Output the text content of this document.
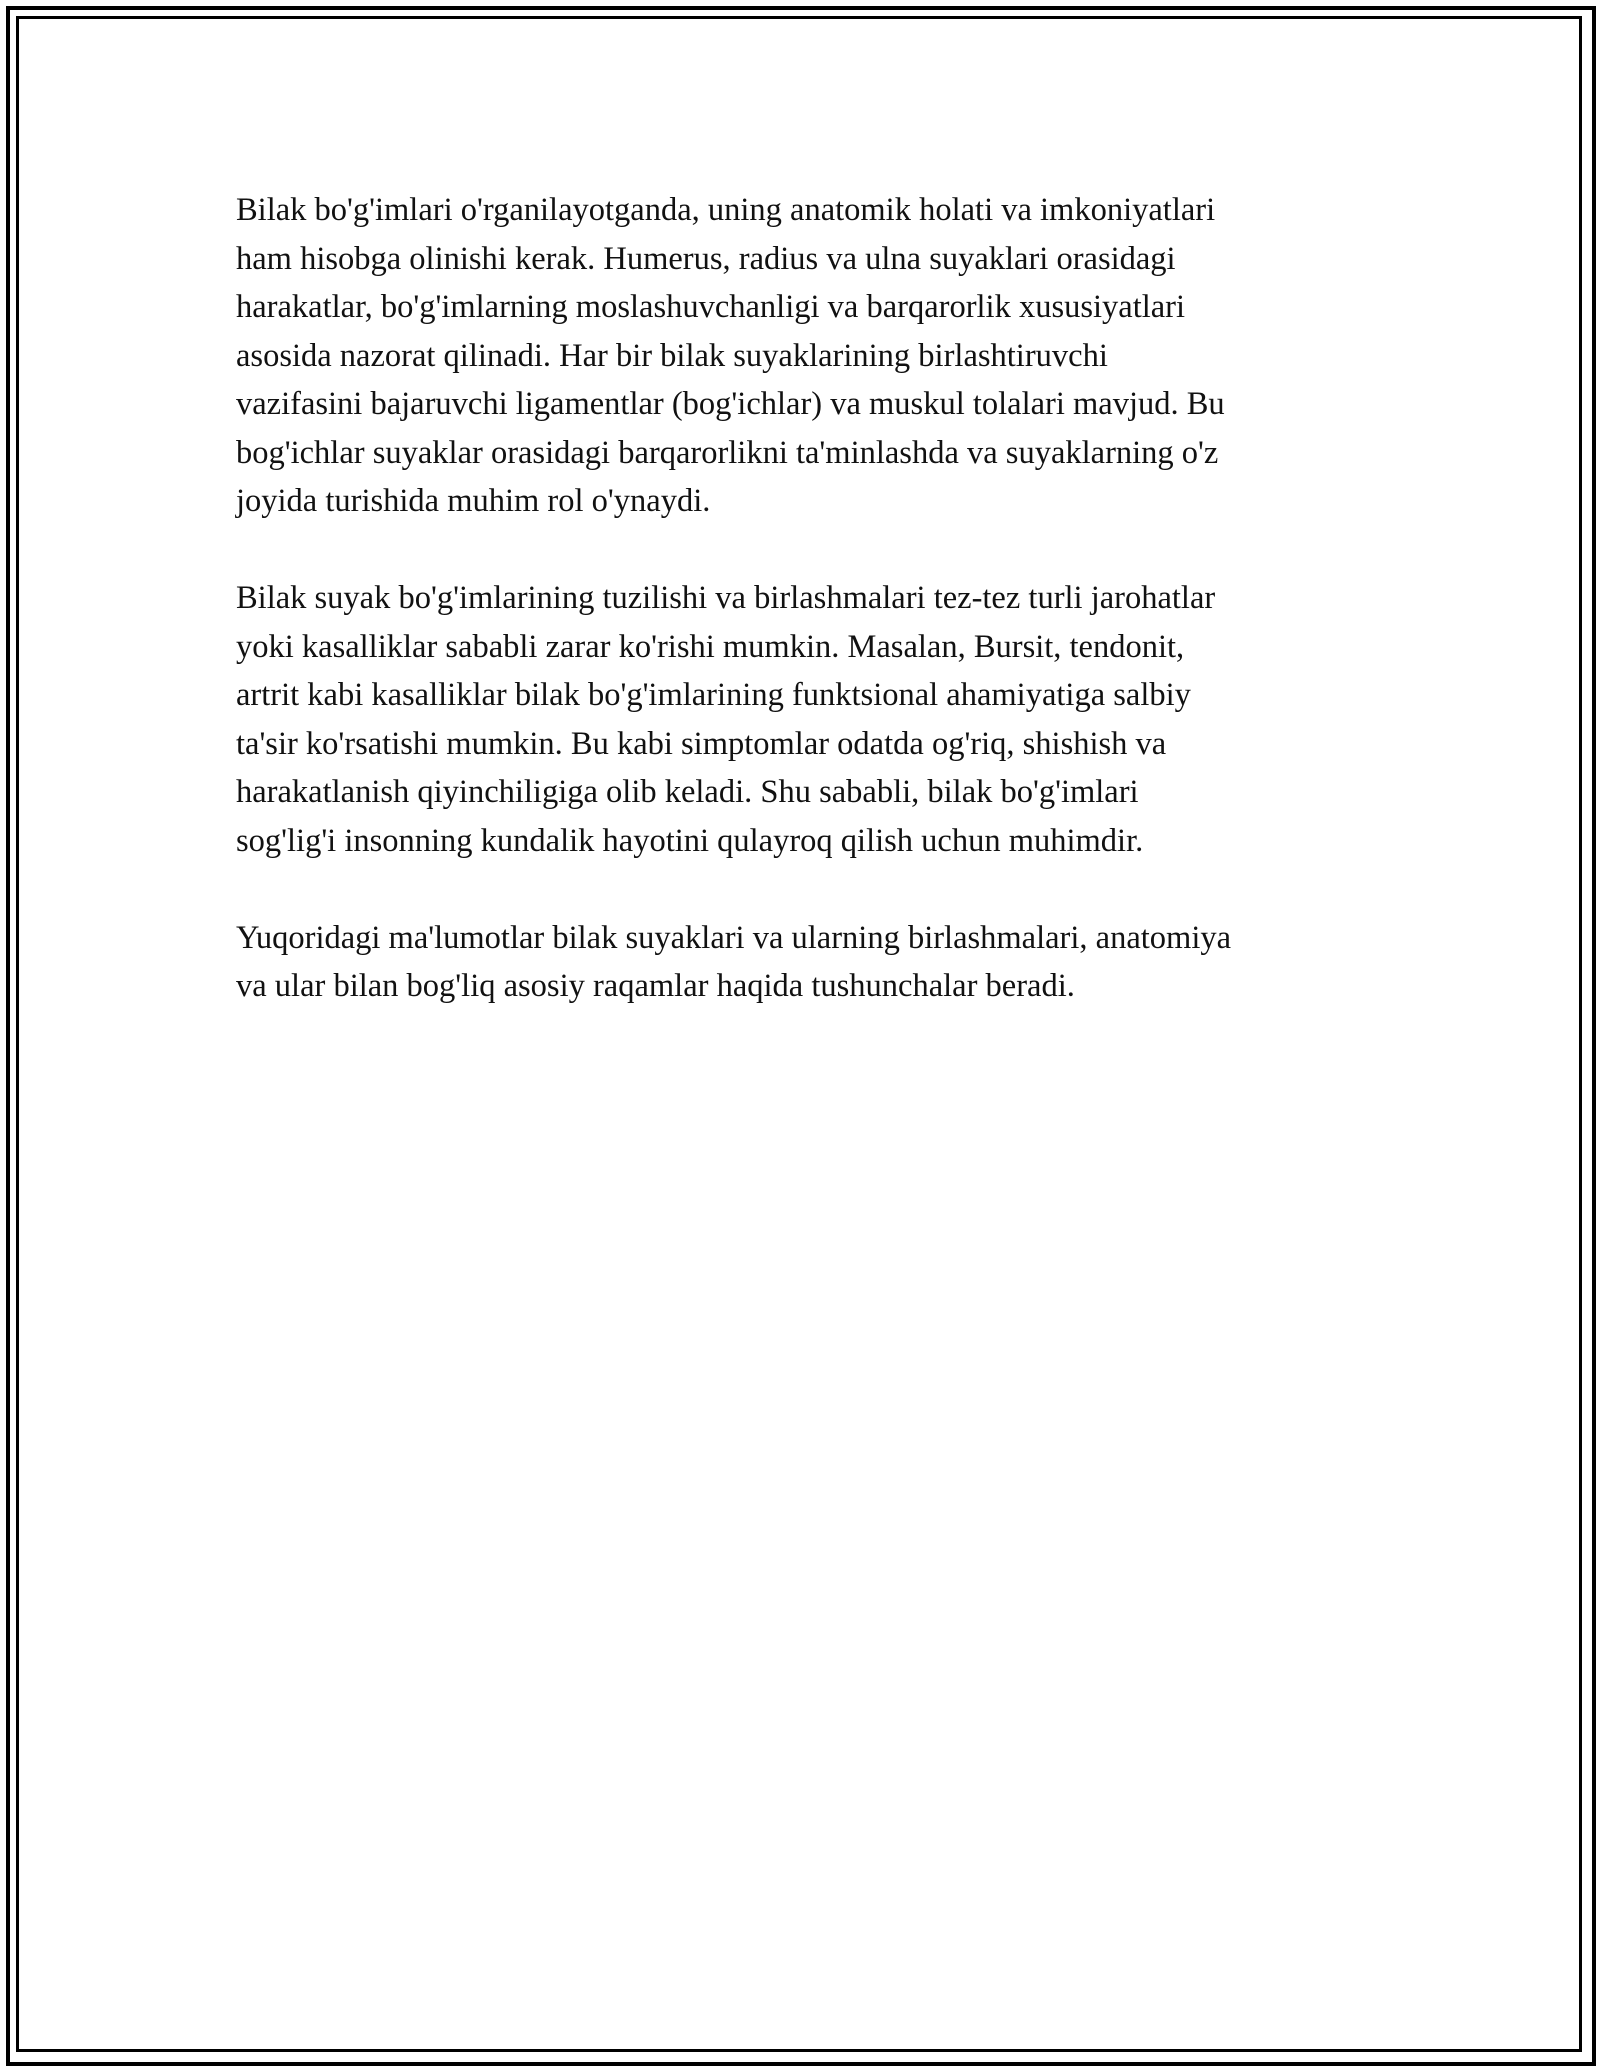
Bilak bo'g'imlari o'rganilayotganda, uning anatomik holati va imkoniyatlari
ham hisobga olinishi kerak. Humerus, radius va ulna suyaklari orasidagi
harakatlar, bo'g'imlarning moslashuvchanligi va barqarorlik xususiyatlari
asosida nazorat qilinadi. Har bir bilak suyaklarining birlashtiruvchi
vazifasini bajaruvchi ligamentlar (bog'ichlar) va muskul tolalari mavjud. Bu
bog'ichlar suyaklar orasidagi barqarorlikni ta'minlashda va suyaklarning o'z
joyida turishida muhim rol o'ynaydi.

Bilak suyak bo'g'imlarining tuzilishi va birlashmalari tez-tez turli jarohatlar
yoki kasalliklar sababli zarar ko'rishi mumkin. Masalan, Bursit, tendonit,
artrit kabi kasalliklar bilak bo'g'imlarining funktsional ahamiyatiga salbiy
ta'sir ko'rsatishi mumkin. Bu kabi simptomlar odatda og'riq, shishish va
harakatlanish qiyinchiligiga olib keladi. Shu sababli, bilak bo'g'imlari
sog'lig'i insonning kundalik hayotini qulayroq qilish uchun muhimdir.

Yuqoridagi ma'lumotlar bilak suyaklari va ularning birlashmalari, anatomiya
va ular bilan bog'liq asosiy raqamlar haqida tushunchalar beradi.
